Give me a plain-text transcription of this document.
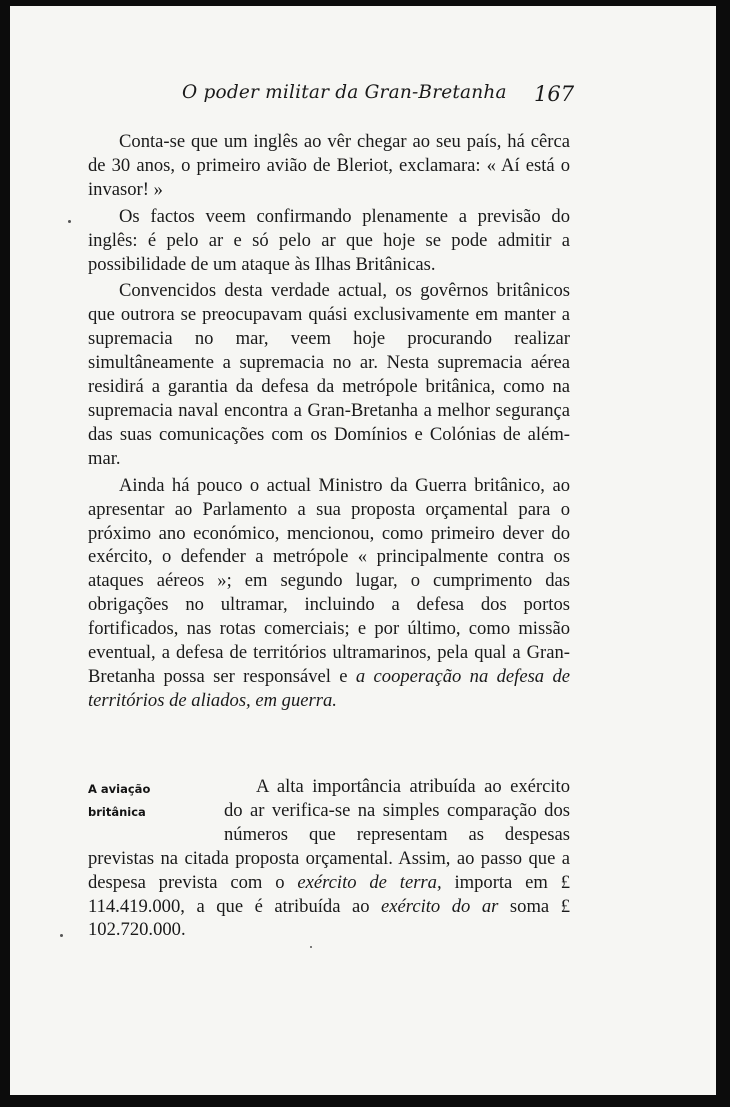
O poder militar da Gran-Bretanha 167

Conta-se que um inglês ao vêr chegar ao seu país, há cêrca de 30 anos, o primeiro avião de Bleriot, exclamara: « Aí está o invasor! »

Os factos veem confirmando plenamente a previsão do inglês: é pelo ar e só pelo ar que hoje se pode admitir a possibilidade de um ataque às Ilhas Britânicas.

Convencidos desta verdade actual, os govêrnos britânicos que outrora se preocupavam quási exclusivamente em manter a supremacia no mar, veem hoje procurando realizar simultâneamente a supremacia no ar. Nesta supremacia aérea residirá a garantia da defesa da metrópole britânica, como na supremacia naval encontra a Gran-Bretanha a melhor segurança das suas comunicações com os Domínios e Colónias de além-mar.

Ainda há pouco o actual Ministro da Guerra britânico, ao apresentar ao Parlamento a sua proposta orçamental para o próximo ano económico, mencionou, como primeiro dever do exército, o defender a metrópole « principalmente contra os ataques aéreos »; em segundo lugar, o cumprimento das obrigações no ultramar, incluindo a defesa dos portos fortificados, nas rotas comerciais; e por último, como missão eventual, a defesa de territórios ultramarinos, pela qual a Gran-Bretanha possa ser responsável e a cooperação na defesa de territórios de aliados, em guerra.

A aviação
britânica

A alta importância atribuída ao exército do ar verifica-se na simples comparação dos números que representam as despesas previstas na citada proposta orçamental. Assim, ao passo que a despesa prevista com o exército de terra, importa em £ 114.419.000, a que é atribuída ao exército do ar soma £ 102.720.000.
